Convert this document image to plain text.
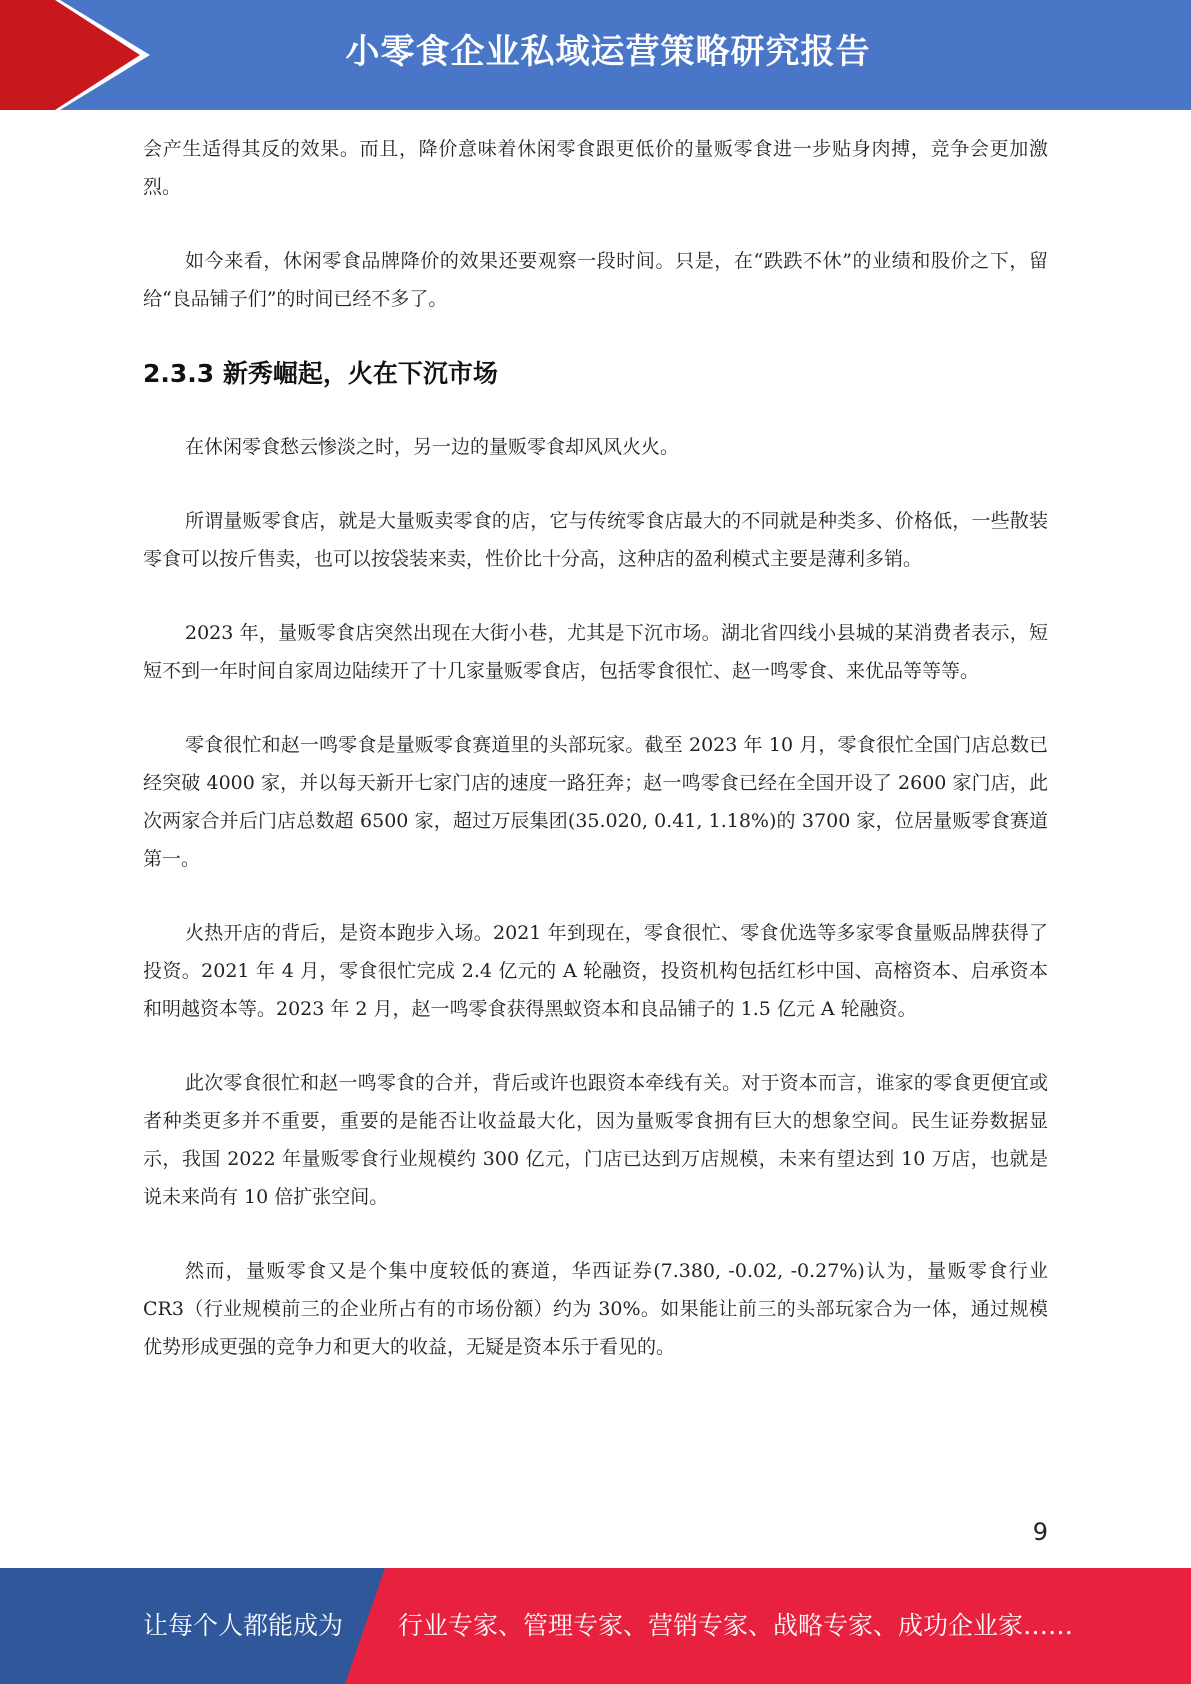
小零食企业私域运营策略研究报告

会产生适得其反的效果。而且，降价意味着休闲零食跟更低价的量贩零食进一步贴身肉搏，竞争会更加激烈。

如今来看，休闲零食品牌降价的效果还要观察一段时间。只是，在“跌跌不休”的业绩和股价之下，留给“良品铺子们”的时间已经不多了。

2.3.3 新秀崛起，火在下沉市场

在休闲零食愁云惨淡之时，另一边的量贩零食却风风火火。

所谓量贩零食店，就是大量贩卖零食的店，它与传统零食店最大的不同就是种类多、价格低，一些散装零食可以按斤售卖，也可以按袋装来卖，性价比十分高，这种店的盈利模式主要是薄利多销。

2023 年，量贩零食店突然出现在大街小巷，尤其是下沉市场。湖北省四线小县城的某消费者表示，短短不到一年时间自家周边陆续开了十几家量贩零食店，包括零食很忙、赵一鸣零食、来优品等等等。

零食很忙和赵一鸣零食是量贩零食赛道里的头部玩家。截至 2023 年 10 月，零食很忙全国门店总数已经突破 4000 家，并以每天新开七家门店的速度一路狂奔；赵一鸣零食已经在全国开设了 2600 家门店，此次两家合并后门店总数超 6500 家，超过万辰集团(35.020, 0.41, 1.18%)的 3700 家，位居量贩零食赛道第一。

火热开店的背后，是资本跑步入场。2021 年到现在，零食很忙、零食优选等多家零食量贩品牌获得了投资。2021 年 4 月，零食很忙完成 2.4 亿元的 A 轮融资，投资机构包括红杉中国、高榕资本、启承资本和明越资本等。2023 年 2 月，赵一鸣零食获得黑蚁资本和良品铺子的 1.5 亿元 A 轮融资。

此次零食很忙和赵一鸣零食的合并，背后或许也跟资本牵线有关。对于资本而言，谁家的零食更便宜或者种类更多并不重要，重要的是能否让收益最大化，因为量贩零食拥有巨大的想象空间。民生证券数据显示，我国 2022 年量贩零食行业规模约 300 亿元，门店已达到万店规模，未来有望达到 10 万店，也就是说未来尚有 10 倍扩张空间。

然而，量贩零食又是个集中度较低的赛道，华西证券(7.380, -0.02, -0.27%)认为，量贩零食行业 CR3（行业规模前三的企业所占有的市场份额）约为 30%。如果能让前三的头部玩家合为一体，通过规模优势形成更强的竞争力和更大的收益，无疑是资本乐于看见的。

9
让每个人都能成为 行业专家、管理专家、营销专家、战略专家、成功企业家……
